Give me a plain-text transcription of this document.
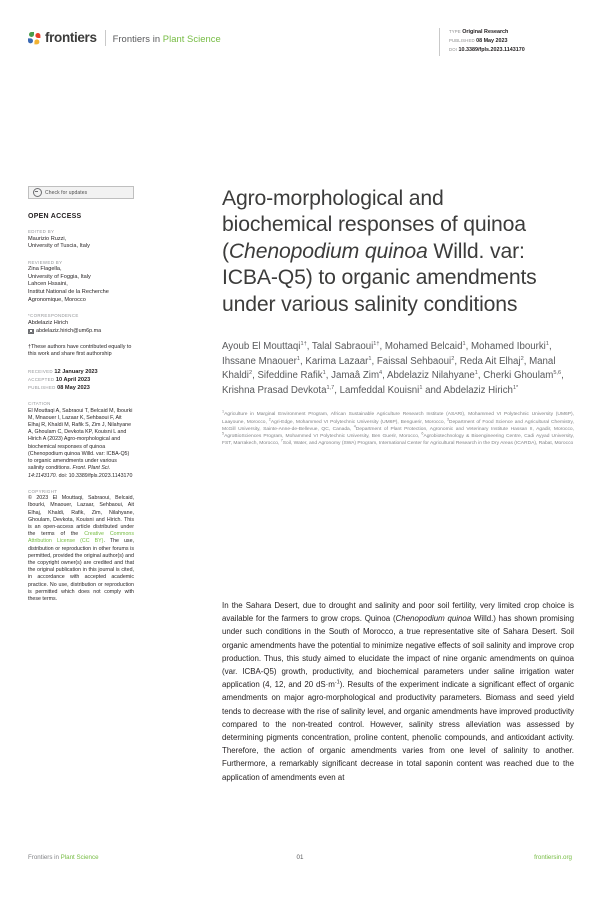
frontiers Frontiers in Plant Science
TYPE Original Research
PUBLISHED 08 May 2023
DOI 10.3389/fpls.2023.1143170
Check for updates
OPEN ACCESS
EDITED BY
Maurizio Ruzzi,
University of Tuscia, Italy
REVIEWED BY
Zina Flagella,
University of Foggia, Italy
Lahcen Hssaini,
Institut National de la Recherche Agronomique, Morocco
*CORRESPONDENCE
Abdelaziz Hirich
abdelaziz.hirich@um6p.ma
†These authors have contributed equally to this work and share first authorship
RECEIVED 12 January 2023
ACCEPTED 10 April 2023
PUBLISHED 08 May 2023
CITATION
El Mouttaqi A, Sabraoui T, Belcaid M, Ibourki M, Mnaouer I, Lazaar K, Sehbaoui F, Ait Elhaj R, Khaldi M, Rafik S, Zim J, Nilahyane A, Ghoulam C, Devkota KP, Kouisni L and Hirich A (2023) Agro-morphological and biochemical responses of quinoa (Chenopodium quinoa Willd. var: ICBA-Q5) to organic amendments under various salinity conditions. Front. Plant Sci. 14:1143170. doi: 10.3389/fpls.2023.1143170
COPYRIGHT
© 2023 El Mouttaqi, Sabraoui, Belcaid, Ibourki, Mnaouer, Lazaar, Sehbaoui, Ait Elhaj, Khaldi, Rafik, Zim, Nilahyane, Ghoulam, Devkota, Kouisni and Hirich. This is an open-access article distributed under the terms of the Creative Commons Attribution License (CC BY). The use, distribution or reproduction in other forums is permitted, provided the original author(s) and the copyright owner(s) are credited and that the original publication in this journal is cited, in accordance with accepted academic practice. No use, distribution or reproduction is permitted which does not comply with these terms.
Agro-morphological and
biochemical responses of quinoa
(Chenopodium quinoa Willd. var:
ICBA-Q5) to organic amendments under various salinity conditions
Ayoub El Mouttaqi$^{1\dagger}$, Talal Sabraoui$^{1\dagger}$, Mohamed Belcaid$^1$, Mohamed Ibourki$^1$, Ihssane Mnaouer$^1$, Karima Lazaar$^1$, Faissal Sehbaoui$^2$, Reda Ait Elhaj$^2$, Manal Khaldi$^2$, Sifeddine Rafik$^1$, Jamaâ Zim$^4$, Abdelaziz Nilahyane$^1$, Cherki Ghoulam$^{5,6}$, Krishna Prasad Devkota$^{1,7}$, Lamfeddal Kouisni$^1$ and Abdelaziz Hirich$^{1*}$
$^1$Agriculture in Marginal Environment Program, African Sustainable Agriculture Research Institute (ASARI), Mohammed VI Polytechnic University (UM6P), Laayoune, Morocco, $^2$Agri-Edge, Mohammed VI Polytechnic University (UM6P), Benguerir, Morocco, $^3$Department of Food Science and Agricultural Chemistry, McGill University, Sainte-Anne-de-Bellevue, QC, Canada, $^4$Department of Plant Protection, Agronomic and Veterinary Institute Hassan II, Agadir, Morocco, $^5$AgroBioSciences Program, Mohammed VI Polytechnic University, Ben Guerir, Morocco, $^6$Agrobiotechnology & Bioengineering Centre, Cadi Ayyad University, FST, Marrakech, Morocco, $^7$Soil, Water, and Agronomy (SWA) Program, International Center for Agricultural Research in the Dry Areas (ICARDA), Rabat, Morocco
In the Sahara Desert, due to drought and salinity and poor soil fertility, very limited crop choice is available for the farmers to grow crops. Quinoa (Chenopodium quinoa Willd.) has shown promising under such conditions in the South of Morocco, a true representative site of Sahara Desert. Soil organic amendments have the potential to minimize negative effects of soil salinity and improve crop production. Thus, this study aimed to elucidate the impact of nine organic amendments on quinoa (var. ICBA-Q5) growth, productivity, and biochemical parameters under saline irrigation water application (4, 12, and 20 $dS\cdot m^{-1}$). Results of the experiment indicate a significant effect of organic amendments on major agro-morphological and productivity parameters. Biomass and seed yield tends to decrease with the rise of salinity level, and organic amendments have improved productivity compared to the non-treated control. However, salinity stress alleviation was assessed by determining pigments concentration, proline content, phenolic compounds, and antioxidant activity. Therefore, the action of organic amendments varies from one level of salinity to another. Furthermore, a remarkably significant decrease in total saponin content was reached due to the application of amendments even at
Frontiers in Plant Science	01	frontiersin.org
